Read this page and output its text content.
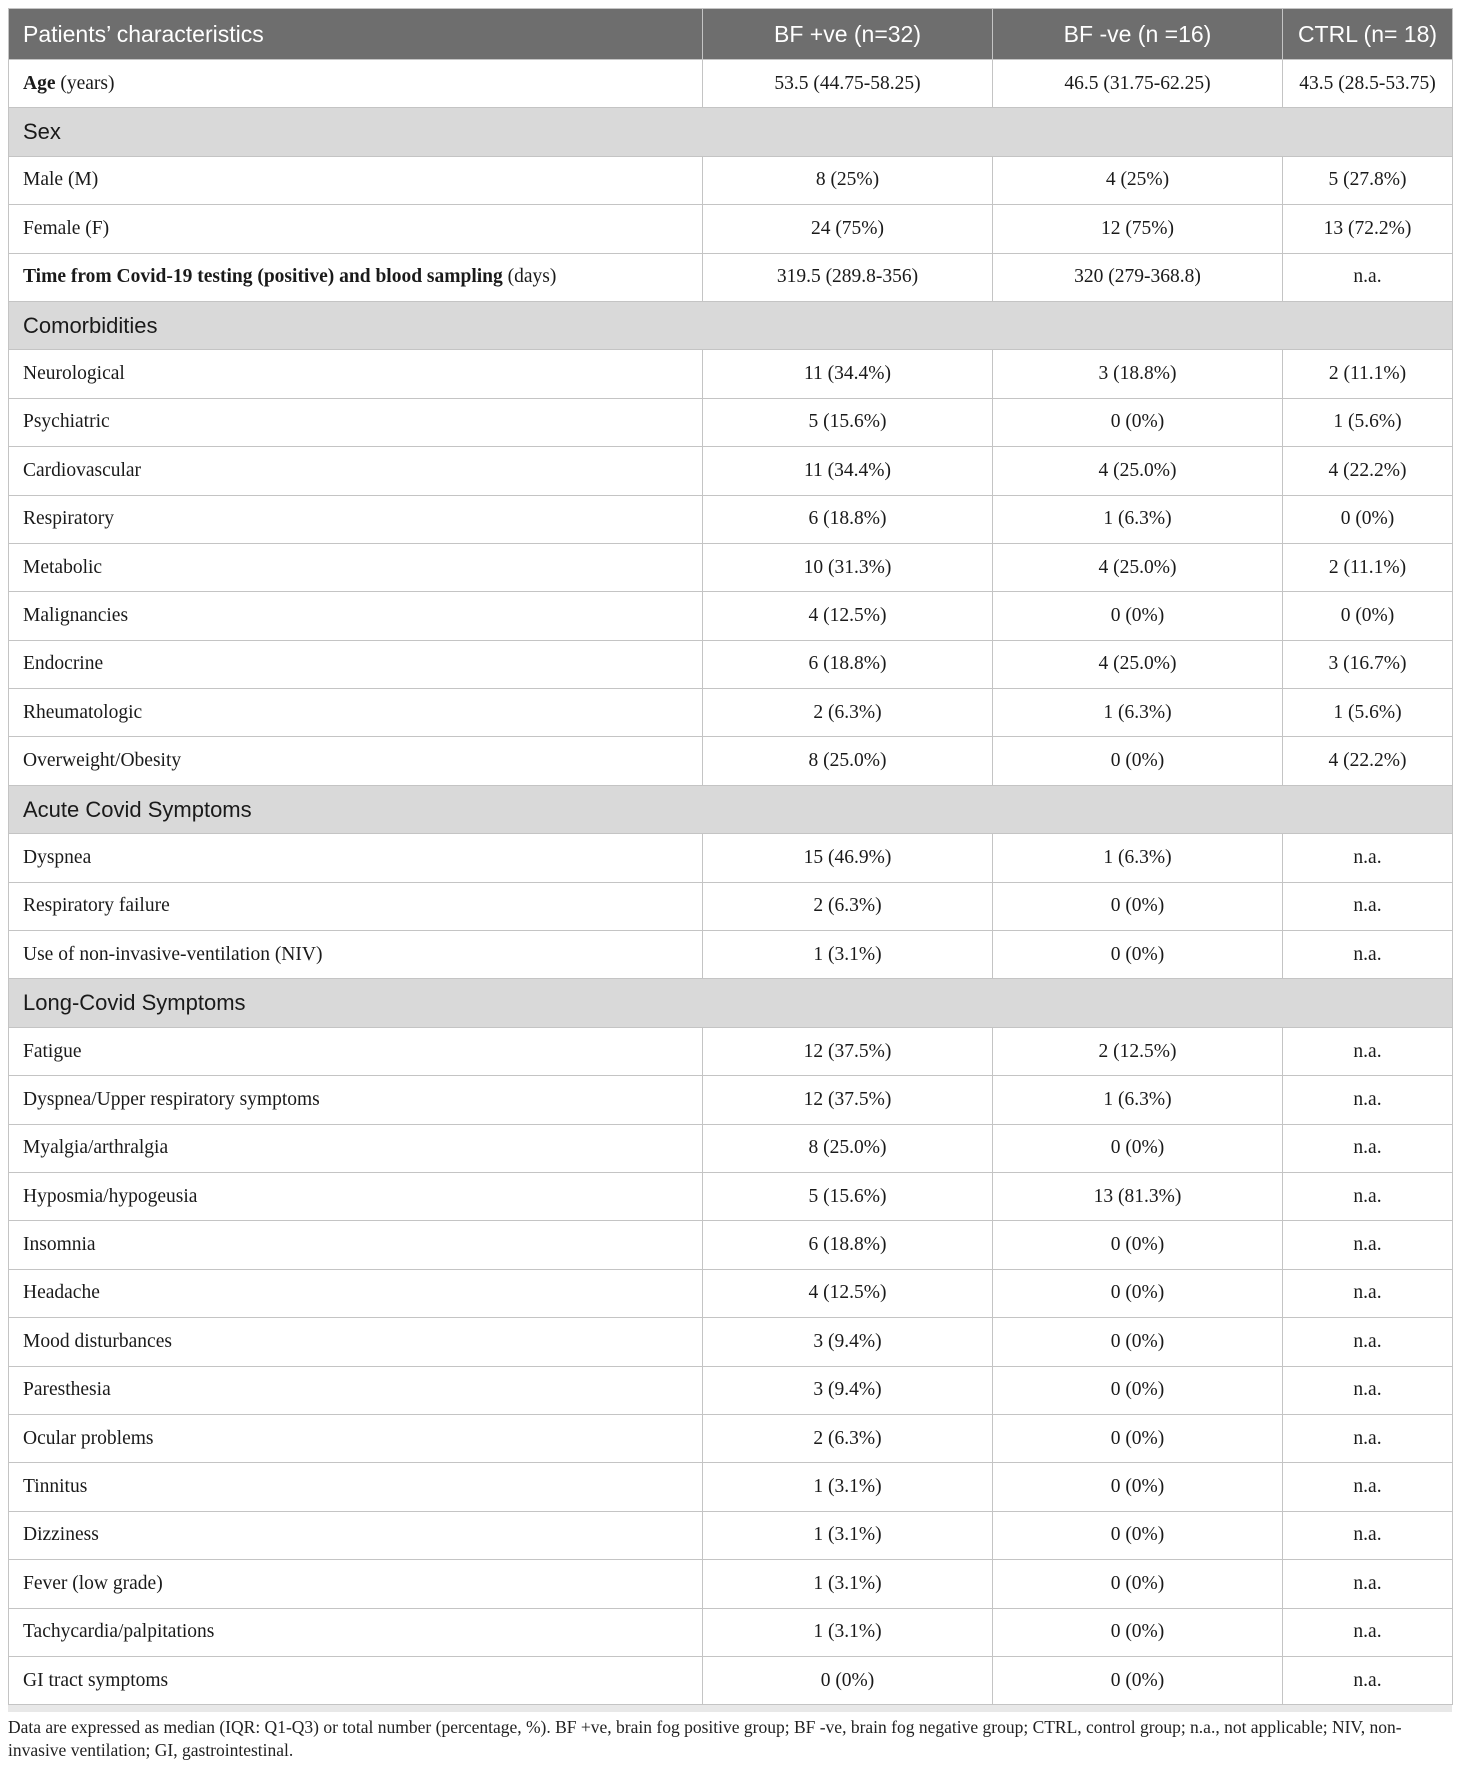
Patients’ characteristics	BF +ve (n=32)	BF -ve (n =16)	CTRL (n= 18)
Age (years)	53.5 (44.75-58.25)	46.5 (31.75-62.25)	43.5 (28.5-53.75)
Sex			
Male (M)	8 (25%)	4 (25%)	5 (27.8%)
Female (F)	24 (75%)	12 (75%)	13 (72.2%)
Time from Covid-19 testing (positive) and blood sampling (days)	319.5 (289.8-356)	320 (279-368.8)	n.a.
Comorbidities			
Neurological	11 (34.4%)	3 (18.8%)	2 (11.1%)
Psychiatric	5 (15.6%)	0 (0%)	1 (5.6%)
Cardiovascular	11 (34.4%)	4 (25.0%)	4 (22.2%)
Respiratory	6 (18.8%)	1 (6.3%)	0 (0%)
Metabolic	10 (31.3%)	4 (25.0%)	2 (11.1%)
Malignancies	4 (12.5%)	0 (0%)	0 (0%)
Endocrine	6 (18.8%)	4 (25.0%)	3 (16.7%)
Rheumatologic	2 (6.3%)	1 (6.3%)	1 (5.6%)
Overweight/Obesity	8 (25.0%)	0 (0%)	4 (22.2%)
Acute Covid Symptoms			
Dyspnea	15 (46.9%)	1 (6.3%)	n.a.
Respiratory failure	2 (6.3%)	0 (0%)	n.a.
Use of non-invasive-ventilation (NIV)	1 (3.1%)	0 (0%)	n.a.
Long-Covid Symptoms			
Fatigue	12 (37.5%)	2 (12.5%)	n.a.
Dyspnea/Upper respiratory symptoms	12 (37.5%)	1 (6.3%)	n.a.
Myalgia/arthralgia	8 (25.0%)	0 (0%)	n.a.
Hyposmia/hypogeusia	5 (15.6%)	13 (81.3%)	n.a.
Insomnia	6 (18.8%)	0 (0%)	n.a.
Headache	4 (12.5%)	0 (0%)	n.a.
Mood disturbances	3 (9.4%)	0 (0%)	n.a.
Paresthesia	3 (9.4%)	0 (0%)	n.a.
Ocular problems	2 (6.3%)	0 (0%)	n.a.
Tinnitus	1 (3.1%)	0 (0%)	n.a.
Dizziness	1 (3.1%)	0 (0%)	n.a.
Fever (low grade)	1 (3.1%)	0 (0%)	n.a.
Tachycardia/palpitations	1 (3.1%)	0 (0%)	n.a.
GI tract symptoms	0 (0%)	0 (0%)	n.a.
Data are expressed as median (IQR: Q1-Q3) or total number (percentage, %). BF +ve, brain fog positive group; BF -ve, brain fog negative group; CTRL, control group; n.a., not applicable; NIV, non-invasive ventilation; GI, gastrointestinal.
